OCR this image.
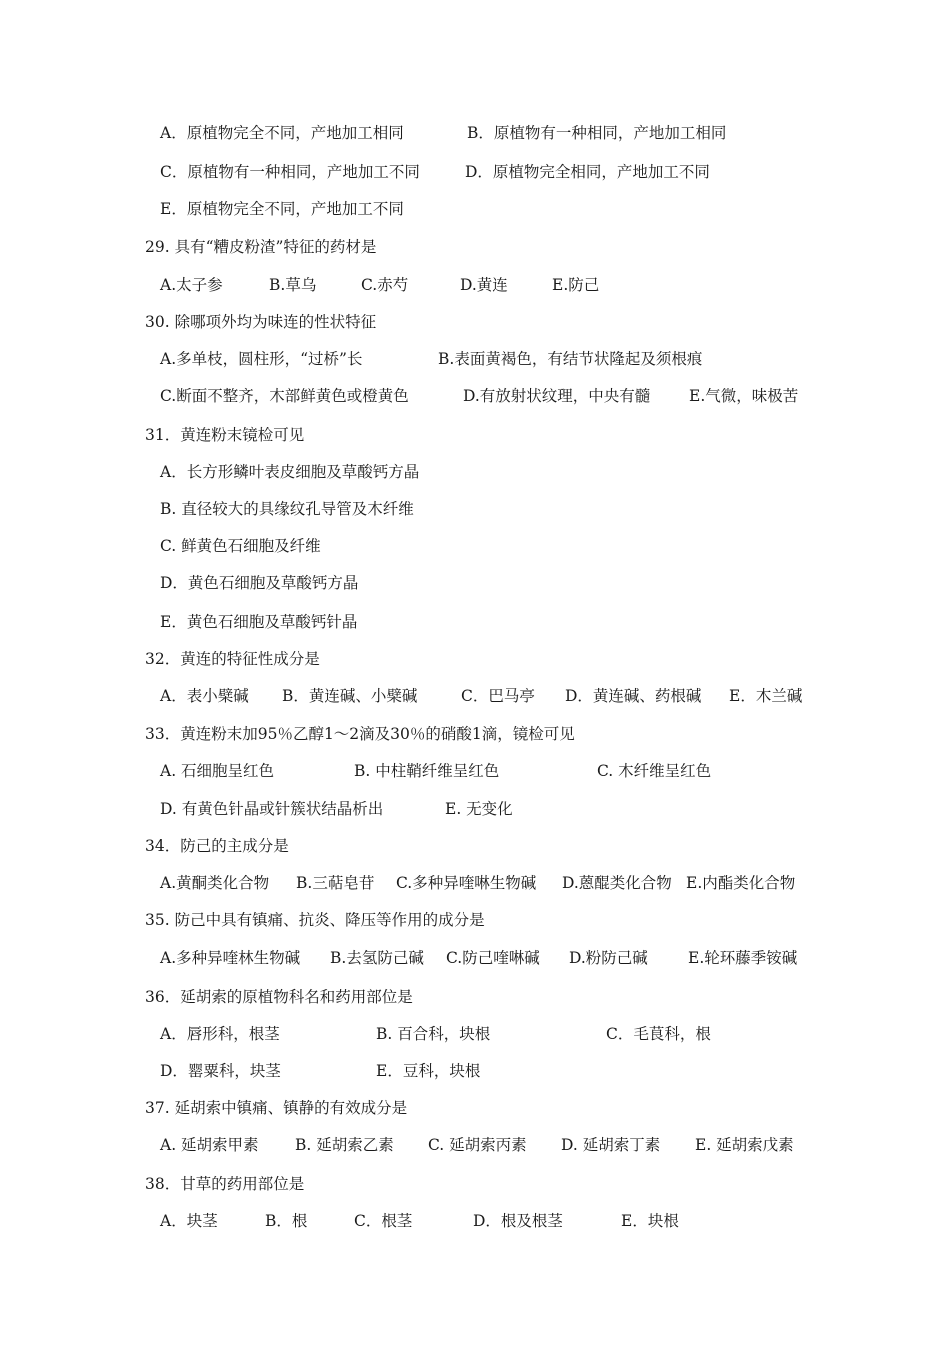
A．原植物完全不同，产地加工相同	B．原植物有一种相同，产地加工相同
C．原植物有一种相同，产地加工不同	D．原植物完全相同，产地加工不同
E．原植物完全不同，产地加工不同
29. 具有“糟皮粉渣”特征的药材是
A.太子参	B.草乌	C.赤芍	D.黄连	E.防己
30. 除哪项外均为味连的性状特征
A.多单枝，圆柱形，“过桥”长	B.表面黄褐色，有结节状隆起及须根痕
C.断面不整齐，木部鲜黄色或橙黄色	D.有放射状纹理，中央有髓 E.气微，味极苦
31．黄连粉末镜检可见
A．长方形鳞叶表皮细胞及草酸钙方晶
B. 直径较大的具缘纹孔导管及木纤维
C. 鲜黄色石细胞及纤维
D．黄色石细胞及草酸钙方晶
E．黄色石细胞及草酸钙针晶
32．黄连的特征性成分是
A．表小檗碱 B．黄连碱、小檗碱	C．巴马亭 D．黄连碱、药根碱 E．木兰碱
33．黄连粉末加95％乙醇1～2滴及30％的硝酸1滴，镜检可见
A. 石细胞呈红色	B. 中柱鞘纤维呈红色	C. 木纤维呈红色
D. 有黄色针晶或针簇状结晶析出	E. 无变化
34．防己的主成分是
A.黄酮类化合物 B.三萜皂苷 C.多种异喹啉生物碱 D.蒽醌类化合物 E.内酯类化合物
35. 防己中具有镇痛、抗炎、降压等作用的成分是
A.多种异喹林生物碱 B.去氢防己碱 C.防己喹啉碱 D.粉防己碱	E.轮环藤季铵碱
36．延胡索的原植物科名和药用部位是
A．唇形科，根茎	B. 百合科，块根	C．毛茛科，根
D．罂粟科，块茎	E．豆科，块根
37. 延胡索中镇痛、镇静的有效成分是
A. 延胡索甲素 B. 延胡索乙素 C. 延胡索丙素 D. 延胡索丁素 E. 延胡索戊素
38．甘草的药用部位是
A．块茎	B．根	C．根茎	D．根及根茎	E．块根
